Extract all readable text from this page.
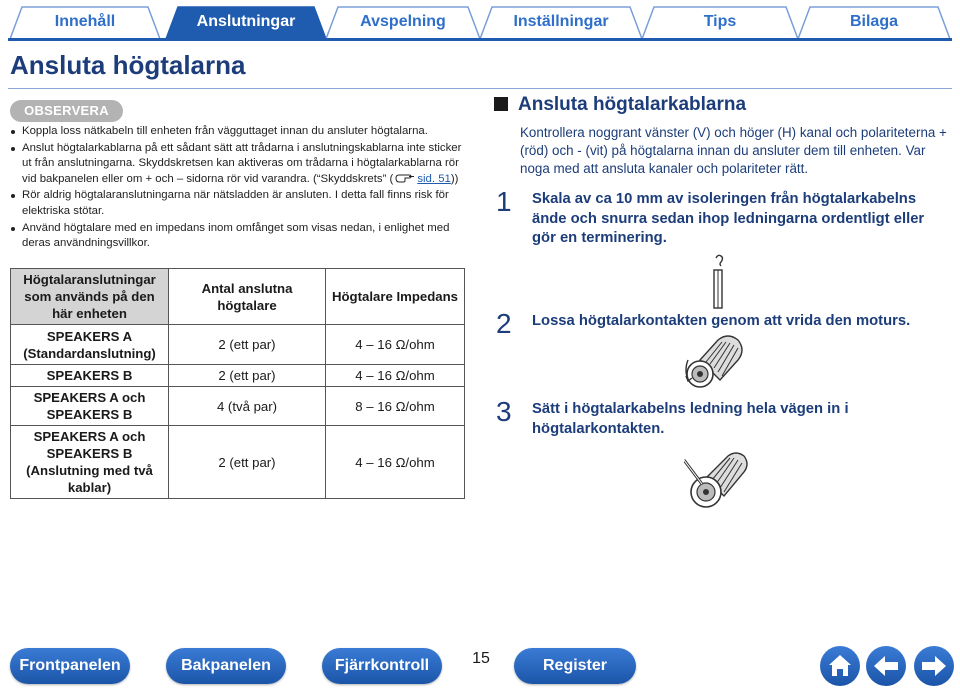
Innehåll	Anslutningar	Avspelning	Inställningar	Tips	Bilaga
Ansluta högtalarna
OBSERVERA
Koppla loss nätkabeln till enheten från vägguttaget innan du ansluter högtalarna.
Anslut högtalarkablarna på ett sådant sätt att trådarna i anslutningskablarna inte sticker ut från anslutningarna. Skyddskretsen kan aktiveras om trådarna i högtalarkablarna rör vid bakpanelen eller om + och – sidorna rör vid varandra. (“Skyddskrets” ( sid. 51))
Rör aldrig högtalaranslutningarna när nätsladden är ansluten. I detta fall finns risk för elektriska stötar.
Använd högtalare med en impedans inom omfånget som visas nedan, i enlighet med deras användningsvillkor.
Högtalaranslutningar som används på den här enheten	Antal anslutna högtalare	Högtalare Impedans
SPEAKERS A (Standardanslutning)	2 (ett par)	4 – 16 Ω/ohm
SPEAKERS B	2 (ett par)	4 – 16 Ω/ohm
SPEAKERS A och SPEAKERS B	4 (två par)	8 – 16 Ω/ohm
SPEAKERS A och SPEAKERS B (Anslutning med två kablar)	2 (ett par)	4 – 16 Ω/ohm
Ansluta högtalarkablarna
Kontrollera noggrant vänster (V) och höger (H) kanal och polariteterna + (röd) och - (vit) på högtalarna innan du ansluter dem till enheten. Var noga med att ansluta kanaler och polariteter rätt.
1 Skala av ca 10 mm av isoleringen från högtalarkabelns ände och snurra sedan ihop ledningarna ordentligt eller gör en terminering.
2 Lossa högtalarkontakten genom att vrida den moturs.
3 Sätt i högtalarkabelns ledning hela vägen in i högtalarkontakten.
Frontpanelen	Bakpanelen	Fjärrkontroll	15	Register
